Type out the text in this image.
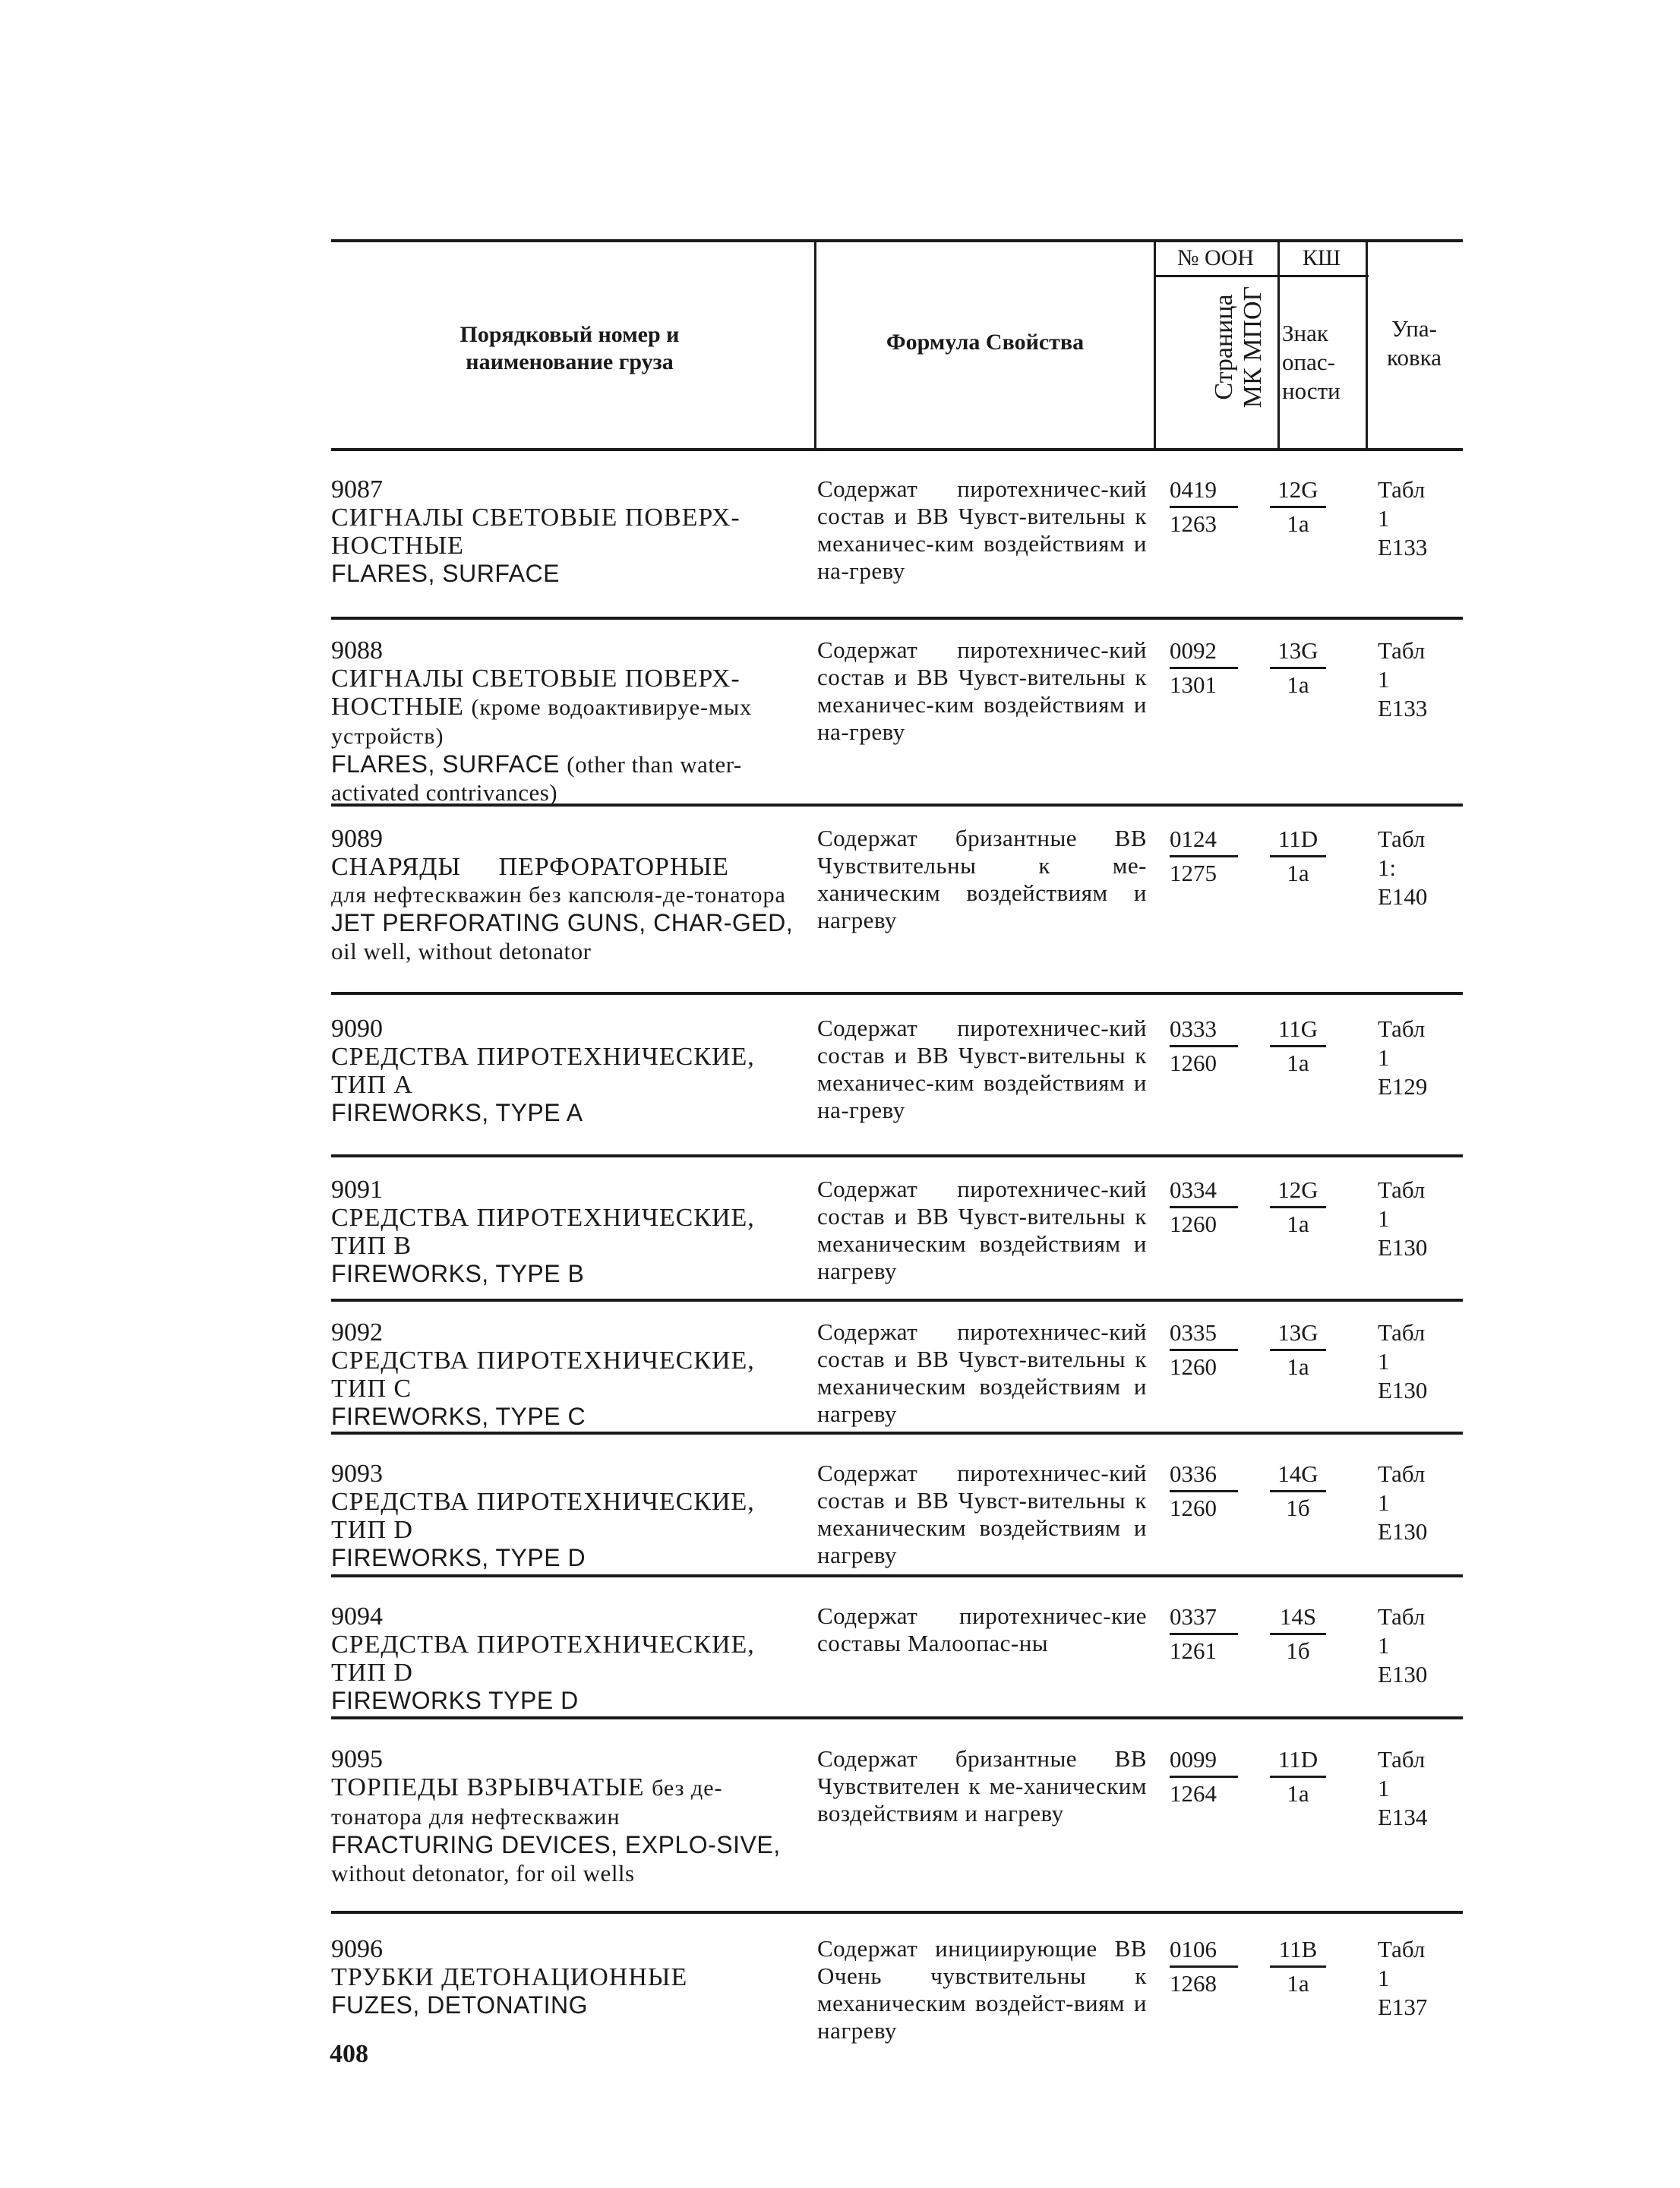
Порядковый номер и наименование груза
Формула Свойства
№ ООН	КШ
Страница МК МПОГ Знак опас-ности
Упа-ковка
9087
СИГНАЛЫ СВЕТОВЫЕ ПОВЕРХ-НОСТНЫЕ
FLARES, SURFACE
Содержат пиротехничес-кий состав и ВВ Чувст-вительны к механичес-ким воздействиям и на-греву
0419
1263
12G
1a
Табл
1
E133
9088
СИГНАЛЫ СВЕТОВЫЕ ПОВЕРХ-НОСТНЫЕ (кроме водоактивируе-мых устройств)
FLARES, SURFACE (other than water-activated contrivances)
Содержат пиротехничес-кий состав и ВВ Чувст-вительны к механичес-ким воздействиям и на-греву
0092
1301
13G
1a
Табл
1
E133
9089
СНАРЯДЫ ПЕРФОРАТОРНЫЕ
для нефтескважин без капсюля-де-тонатора
JET PERFORATING GUNS, CHAR-GED, oil well, without detonator
Содержат бризантные ВВ Чувствительны к ме-ханическим воздействиям и нагреву
0124
1275
11D
1a
Табл
1:
E140
9090
СРЕДСТВА ПИРОТЕХНИЧЕСКИЕ, ТИП А
FIREWORKS, TYPE A
Содержат пиротехничес-кий состав и ВВ Чувст-вительны к механичес-ким воздействиям и на-греву
0333
1260
11G
1a
Табл
1
E129
9091
СРЕДСТВА ПИРОТЕХНИЧЕСКИЕ, ТИП В
FIREWORKS, TYPE B
Содержат пиротехничес-кий состав и ВВ Чувст-вительны к механическим воздействиям и нагреву
0334
1260
12G
1a
Табл
1
E130
9092
СРЕДСТВА ПИРОТЕХНИЧЕСКИЕ, ТИП С
FIREWORKS, TYPE C
Содержат пиротехничес-кий состав и ВВ Чувст-вительны к механическим воздействиям и нагреву
0335
1260
13G
1a
Табл
1
E130
9093
СРЕДСТВА ПИРОТЕХНИЧЕСКИЕ, ТИП D
FIREWORKS, TYPE D
Содержат пиротехничес-кий состав и ВВ Чувст-вительны к механическим воздействиям и нагреву
0336
1260
14G
1б
Табл
1
E130
9094
СРЕДСТВА ПИРОТЕХНИЧЕСКИЕ, ТИП D
FIREWORKS TYPE D
Содержат пиротехничес-кие составы Малоопас-ны
0337
1261
14S
1б
Табл
1
E130
9095
ТОРПЕДЫ ВЗРЫВЧАТЫЕ без де-тонатора для нефтескважин
FRACTURING DEVICES, EXPLO-SIVE, without detonator, for oil wells
Содержат бризантные ВВ Чувствителен к ме-ханическим воздействиям и нагреву
0099
1264
11D
1a
Табл
1
E134
9096
ТРУБКИ ДЕТОНАЦИОННЫЕ
FUZES, DETONATING
Содержат инициирующие ВВ Очень чувствительны к механическим воздейст-виям и нагреву
0106
1268
11B
1a
Табл
1
E137
408
